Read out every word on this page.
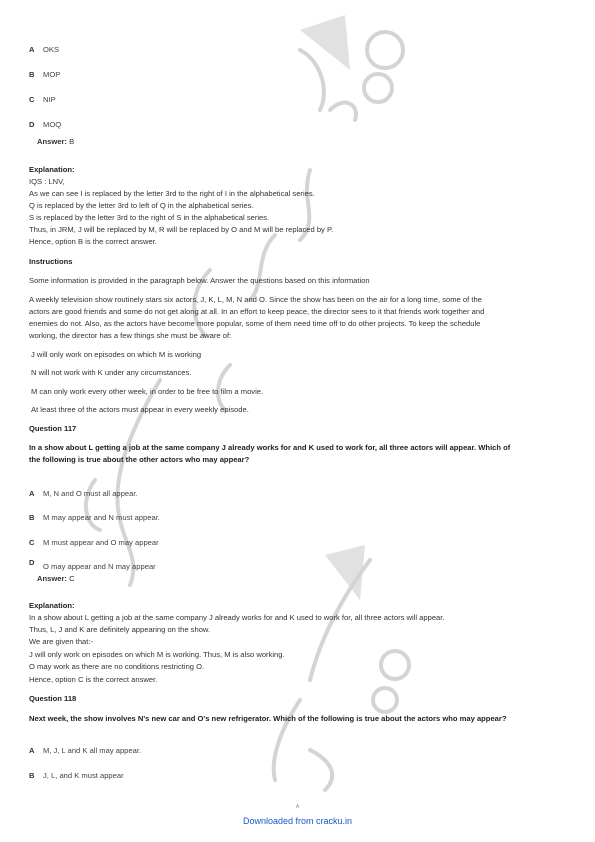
A OKS
B MOP
C NIP
D MOQ
Answer: B
Explanation:
IQS : LNV,
As we can see I is replaced by the letter 3rd to the right of I in the alphabetical series.
Q is replaced by the letter 3rd to left of Q in the alphabetical series.
S is replaced by the letter 3rd to the right of S in the alphabetical series.
Thus, in JRM, J will be replaced by M, R will be replaced by O and M will be replaced by P.
Hence, option B is the correct answer.
Instructions
Some information is provided in the paragraph below. Answer the questions based on this information
A weekly television show routinely stars six actors, J, K, L, M, N and O. Since the show has been on the air for a long time, some of the
actors are good friends and some do not get along at all. In an effort to keep peace, the director sees to it that friends work together and
enemies do not. Also, as the actors have become more popular, some of them need time off to do other projects. To keep the schedule
working, the director has a few things she must be aware of:
J will only work on episodes on which M is working
N will not work with K under any circumstances.
M can only work every other week, in order to be free to film a movie.
At least three of the actors must appear in every weekly episode.
Question 117
In a show about L getting a job at the same company J already works for and K used to work for, all three actors will appear. Which of
the following is true about the other actors who may appear?
A M, N and O must all appear.
B M may appear and N must appear.
C M must appear and O may appear
D O may appear and N may appear
Answer: C
Explanation:
In a show about L getting a job at the same company J already works for and K used to work for, all three actors will appear.
Thus, L, J and K are definitely appearing on the show.
We are given that:-
J will only work on episodes on which M is working. Thus, M is also working.
O may work as there are no conditions restricting O.
Hence, option C is the correct answer.
Question 118
Next week, the show involves N's new car and O's new refrigerator. Which of the following is true about the actors who may appear?
A M, J, L and K all may appear.
B J, L, and K must appear
A
Downloaded from cracku.in
